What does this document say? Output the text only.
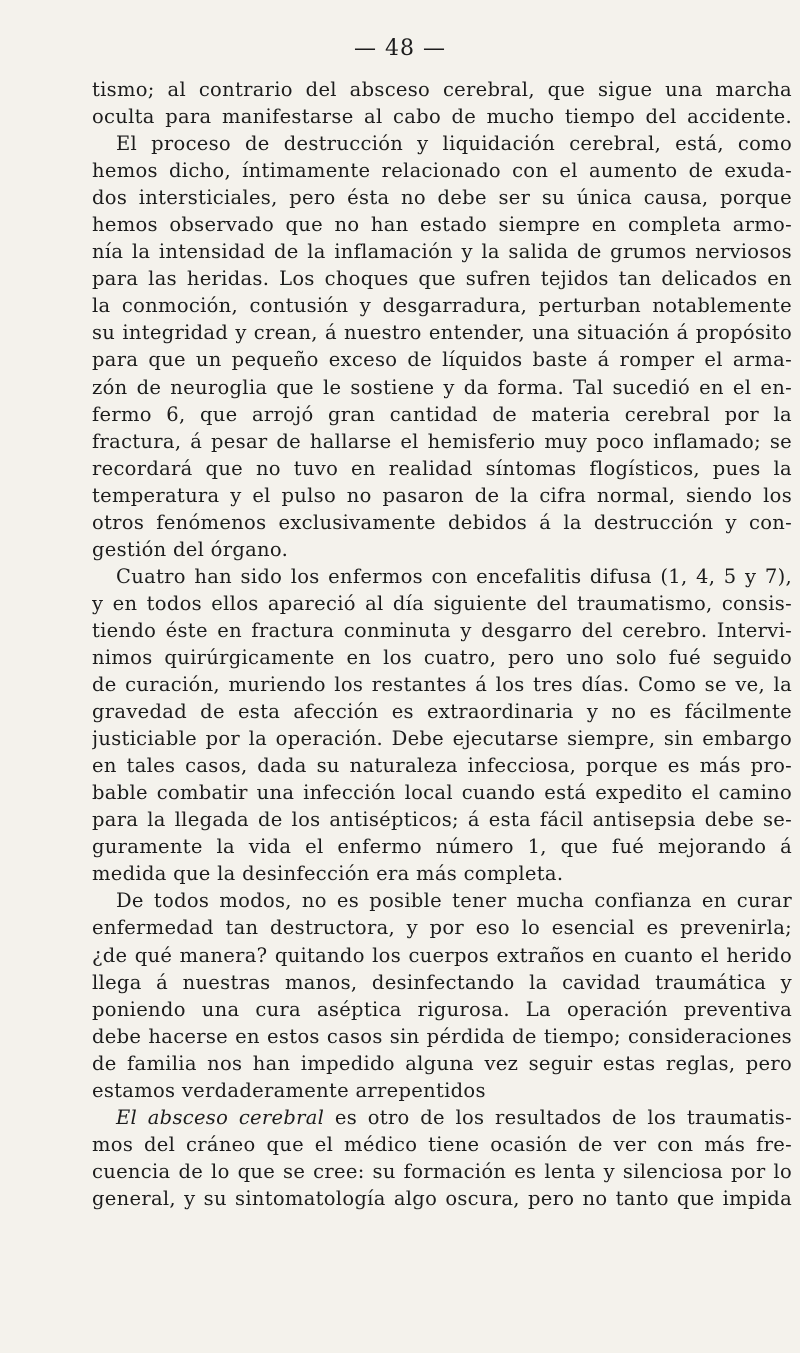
— 48 —
tismo; al contrario del absceso cerebral, que sigue una marcha
oculta para manifestarse al cabo de mucho tiempo del accidente.
El proceso de destrucción y liquidación cerebral, está, como
hemos dicho, íntimamente relacionado con el aumento de exuda-
dos intersticiales, pero ésta no debe ser su única causa, porque
hemos observado que no han estado siempre en completa armo-
nía la intensidad de la inflamación y la salida de grumos nerviosos
para las heridas. Los choques que sufren tejidos tan delicados en
la conmoción, contusión y desgarradura, perturban notablemente
su integridad y crean, á nuestro entender, una situación á propósito
para que un pequeño exceso de líquidos baste á romper el arma-
zón de neuroglia que le sostiene y da forma. Tal sucedió en el en-
fermo 6, que arrojó gran cantidad de materia cerebral por la
fractura, á pesar de hallarse el hemisferio muy poco inflamado; se
recordará que no tuvo en realidad síntomas flogísticos, pues la
temperatura y el pulso no pasaron de la cifra normal, siendo los
otros fenómenos exclusivamente debidos á la destrucción y con-
gestión del órgano.
Cuatro han sido los enfermos con encefalitis difusa (1, 4, 5 y 7),
y en todos ellos apareció al día siguiente del traumatismo, consis-
tiendo éste en fractura conminuta y desgarro del cerebro. Intervi-
nimos quirúrgicamente en los cuatro, pero uno solo fué seguido
de curación, muriendo los restantes á los tres días. Como se ve, la
gravedad de esta afección es extraordinaria y no es fácilmente
justiciable por la operación. Debe ejecutarse siempre, sin embargo
en tales casos, dada su naturaleza infecciosa, porque es más pro-
bable combatir una infección local cuando está expedito el camino
para la llegada de los antisépticos; á esta fácil antisepsia debe se-
guramente la vida el enfermo número 1, que fué mejorando á
medida que la desinfección era más completa.
De todos modos, no es posible tener mucha confianza en curar
enfermedad tan destructora, y por eso lo esencial es prevenirla;
¿de qué manera? quitando los cuerpos extraños en cuanto el herido
llega á nuestras manos, desinfectando la cavidad traumática y
poniendo una cura aséptica rigurosa. La operación preventiva
debe hacerse en estos casos sin pérdida de tiempo; consideraciones
de familia nos han impedido alguna vez seguir estas reglas, pero
estamos verdaderamente arrepentidos
El absceso cerebral es otro de los resultados de los traumatis-
mos del cráneo que el médico tiene ocasión de ver con más fre-
cuencia de lo que se cree: su formación es lenta y silenciosa por lo
general, y su sintomatología algo oscura, pero no tanto que impida
